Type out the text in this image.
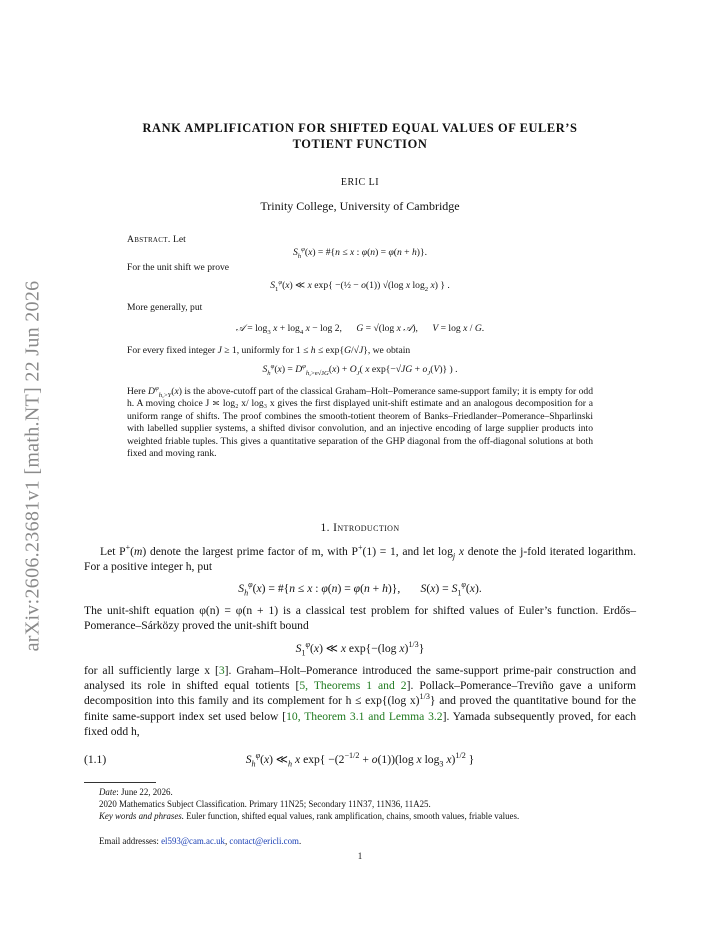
arXiv:2606.23681v1 [math.NT] 22 Jun 2026
RANK AMPLIFICATION FOR SHIFTED EQUAL VALUES OF EULER’S
TOTIENT FUNCTION
ERIC LI
Trinity College, University of Cambridge
Abstract. Let
$S_h^\varphi(x)$ = #{n ≤ x : φ(n) = φ(n + h)}.
For the unit shift we prove
$S_1^\varphi(x)$ ≪ x exp{ −(½ − o(1)) √(log x $\log_2 x$) } .
More generally, put
𝒜 = $\log_3 x + \log_4 x - \log 2$,      G = √(log x 𝒜),      V = log x / G.
For every fixed integer J ≥ 1, uniformly for 1 ≤ h ≤ exp{G/√J}, we obtain
$S_h^\varphi(x) = D^\varphi_{h,>e√JG}(x) + O_J$( x $\exp\{-√JG + o_J(V)\}$ ) .
Here $D^\varphi_{h,>Y}(x)$ is the above-cutoff part of the classical Graham–Holt–Pomerance same-support family; it is empty for odd h. A moving choice J ≍ log₂ x/ log₃ x gives the first displayed unit-shift estimate and an analogous decomposition for a uniform range of shifts. The proof combines the smooth-totient theorem of Banks–Friedlander–Pomerance–Shparlinski with labelled supplier systems, a shifted divisor convolution, and an injective encoding of large supplier products into weighted friable tuples. This gives a quantitative separation of the GHP diagonal from the off-diagonal solutions at both fixed and moving rank.
1. Introduction
Let P+(m) denote the largest prime factor of m, with P+(1) = 1, and let $\log_j x$ denote the j-fold iterated logarithm. For a positive integer h, put
$S_h^\varphi(x)$ = #{n ≤ x : φ(n) = φ(n + h)},       $S(x) = S_1^\varphi(x)$.
The unit-shift equation φ(n) = φ(n + 1) is a classical test problem for shifted values of Euler’s function. Erdős–Pomerance–Sárközy proved the unit-shift bound
$S_1^\varphi(x)$ ≪ x exp{−(log x)$^{1/3}$}
for all sufficiently large x [3]. Graham–Holt–Pomerance introduced the same-support prime-pair construction and analysed its role in shifted equal totients [5, Theorems 1 and 2]. Pollack–Pomerance–Treviño gave a uniform decomposition into this family and its complement for h ≤ exp{(log x)$^{1/3}$} and proved the quantitative bound for the finite same-support index set used below [10, Theorem 3.1 and Lemma 3.2]. Yamada subsequently proved, for each fixed odd h,
(1.1)	$S_h^\varphi(x)$ $≪_h$ x $\exp\{ -(2^{-1/2} + o(1))(\log$ x $\log_3 x)^{1/2}$ }
Date: June 22, 2026.
2020 Mathematics Subject Classification. Primary 11N25; Secondary 11N37, 11N36, 11A25.
Key words and phrases. Euler function, shifted equal values, rank amplification, chains, smooth values, friable values.
Email addresses: el593@cam.ac.uk, contact@ericli.com.
1
